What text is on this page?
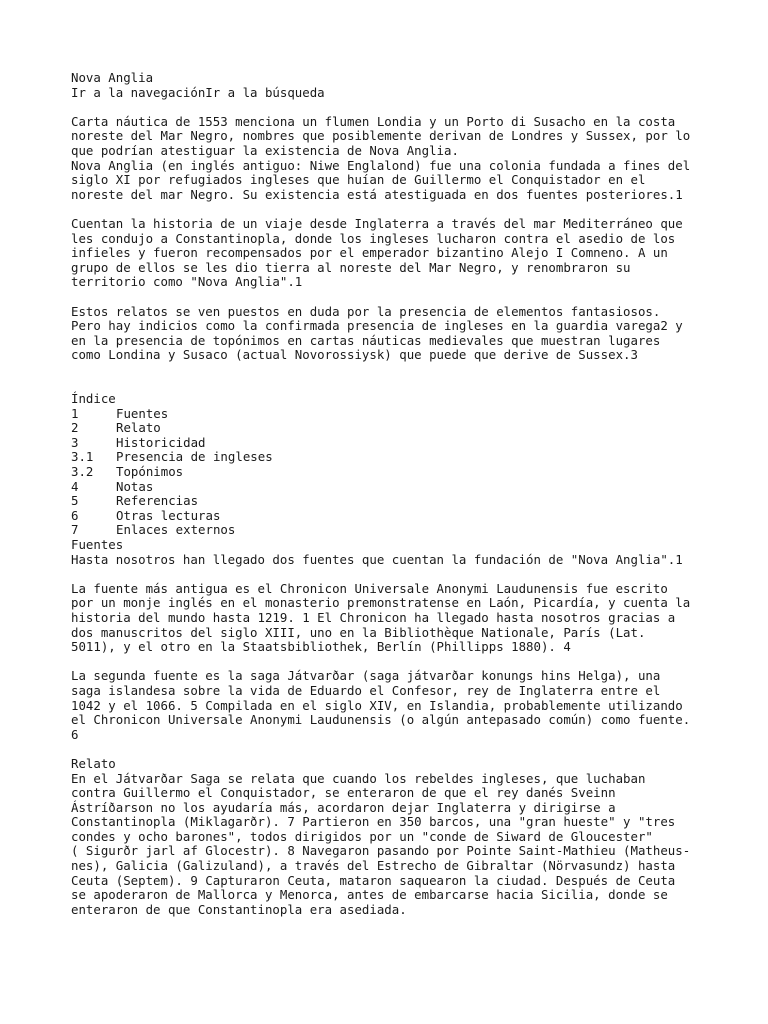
Nova Anglia
Ir a la navegaciónIr a la búsqueda
Carta náutica de 1553 menciona un flumen Londia y un Porto di Susacho en la costa
noreste del Mar Negro, nombres que posiblemente derivan de Londres y Sussex, por lo
que podrían atestiguar la existencia de Nova Anglia.
Nova Anglia (en inglés antiguo: Niwe Englalond) fue una colonia fundada a fines del
siglo XI por refugiados ingleses que huían de Guillermo el Conquistador en el
noreste del mar Negro. Su existencia está atestiguada en dos fuentes posteriores.1
Cuentan la historia de un viaje desde Inglaterra a través del mar Mediterráneo que
les condujo a Constantinopla, donde los ingleses lucharon contra el asedio de los
infieles y fueron recompensados por el emperador bizantino Alejo I Comneno. A un
grupo de ellos se les dio tierra al noreste del Mar Negro, y renombraron su
territorio como "Nova Anglia".1
Estos relatos se ven puestos en duda por la presencia de elementos fantasiosos.
Pero hay indicios como la confirmada presencia de ingleses en la guardia varega2 y
en la presencia de topónimos en cartas náuticas medievales que muestran lugares
como Londina y Susaco (actual Novorossiysk) que puede que derive de Sussex.3
Índice
1	Fuentes
2	Relato
3	Historicidad
3.1 Presencia de ingleses
3.2 Topónimos
4	Notas
5	Referencias
6	Otras lecturas
7	Enlaces externos
Fuentes
Hasta nosotros han llegado dos fuentes que cuentan la fundación de "Nova Anglia".1
La fuente más antigua es el Chronicon Universale Anonymi Laudunensis fue escrito
por un monje inglés en el monasterio premonstratense en Laón, Picardía, y cuenta la
historia del mundo hasta 1219. 1 El Chronicon ha llegado hasta nosotros gracias a
dos manuscritos del siglo XIII, uno en la Bibliothèque Nationale, París (Lat.
5011), y el otro en la Staatsbibliothek, Berlín (Phillipps 1880). 4
La segunda fuente es la saga Játvarðar (saga játvarðar konungs hins Helga), una
saga islandesa sobre la vida de Eduardo el Confesor, rey de Inglaterra entre el
1042 y el 1066. 5 Compilada en el siglo XIV, en Islandia, probablemente utilizando
el Chronicon Universale Anonymi Laudunensis (o algún antepasado común) como fuente.
6
Relato
En el Játvarðar Saga se relata que cuando los rebeldes ingleses, que luchaban
contra Guillermo el Conquistador, se enteraron de que el rey danés Sveinn
Ástríðarson no los ayudaría más, acordaron dejar Inglaterra y dirigirse a
Constantinopla (Miklagarðr). 7 Partieron en 350 barcos, una "gran hueste" y "tres
condes y ocho barones", todos dirigidos por un "conde de Siward de Gloucester"
( Sigurðr jarl af Glocestr). 8 Navegaron pasando por Pointe Saint-Mathieu (Matheus-
nes), Galicia (Galizuland), a través del Estrecho de Gibraltar (Nörvasundz) hasta
Ceuta (Septem). 9 Capturaron Ceuta, mataron saquearon la ciudad. Después de Ceuta
se apoderaron de Mallorca y Menorca, antes de embarcarse hacia Sicilia, donde se
enteraron de que Constantinopla era asediada.
